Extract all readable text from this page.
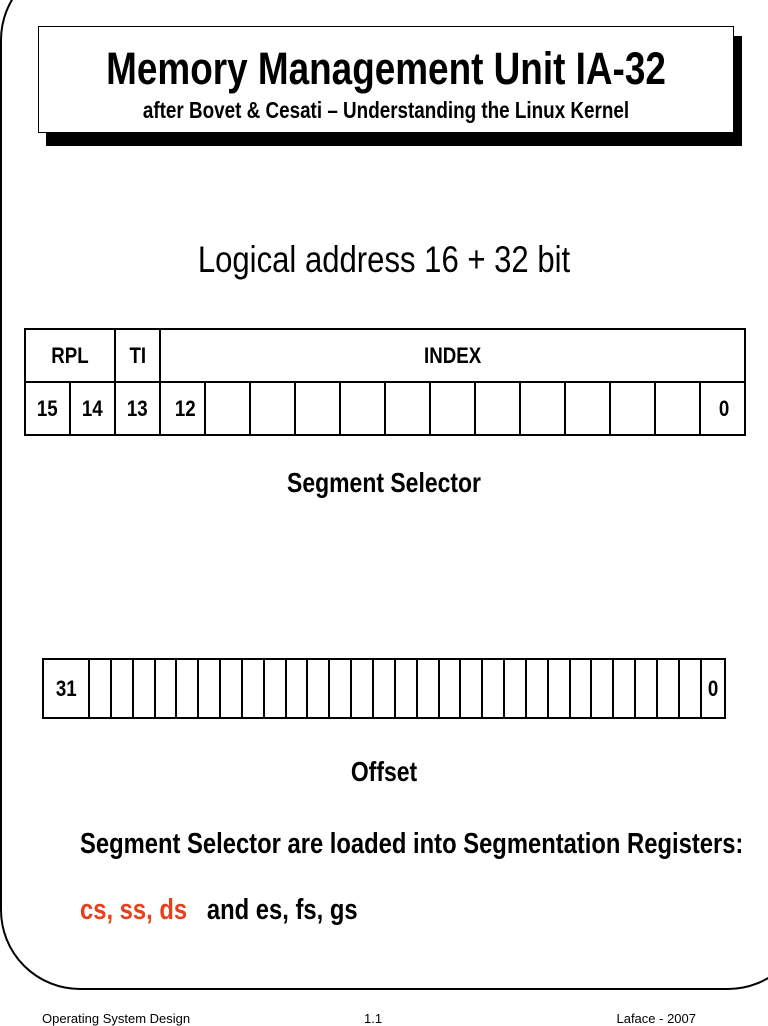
Memory Management Unit IA-32
after Bovet & Cesati – Understanding the Linux Kernel
Logical address 16 + 32 bit
RPL		TI	INDEX												
15	14	13	12												0
Segment Selector
31																													0
Offset
Segment Selector are loaded into Segmentation Registers:
cs, ss, ds and es, fs, gs
Operating System Design	1.1	Laface - 2007
